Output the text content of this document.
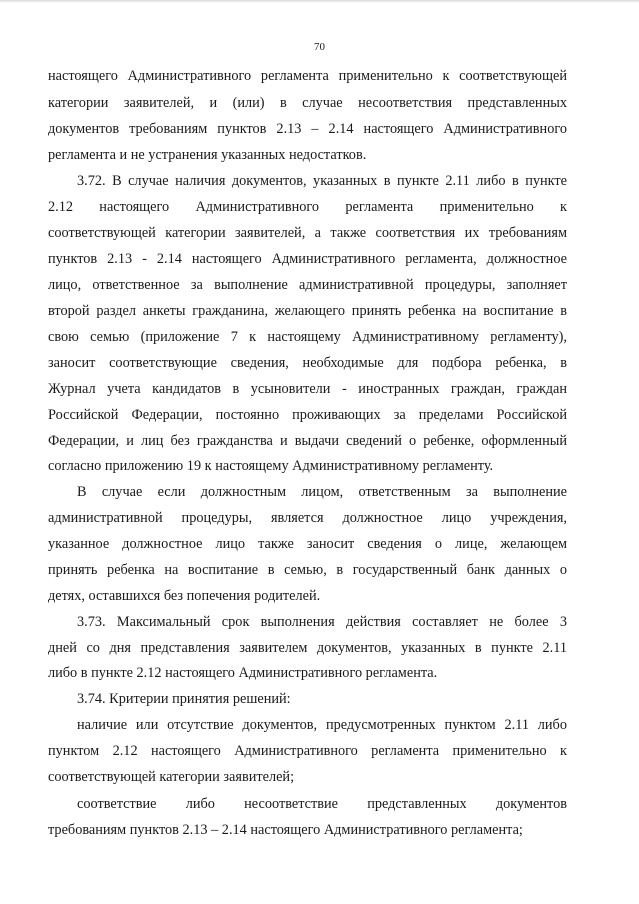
70
настоящего Административного регламента применительно к соответствующей
категории заявителей, и (или) в случае несоответствия представленных
документов требованиям пунктов 2.13 – 2.14 настоящего Административного
регламента и не устранения указанных недостатков.
3.72. В случае наличия документов, указанных в пункте 2.11 либо в пункте
2.12 настоящего Административного регламента применительно к
соответствующей категории заявителей, а также соответствия их требованиям
пунктов 2.13 - 2.14 настоящего Административного регламента, должностное
лицо, ответственное за выполнение административной процедуры, заполняет
второй раздел анкеты гражданина, желающего принять ребенка на воспитание в
свою семью (приложение 7 к настоящему Административному регламенту),
заносит соответствующие сведения, необходимые для подбора ребенка, в
Журнал учета кандидатов в усыновители - иностранных граждан, граждан
Российской Федерации, постоянно проживающих за пределами Российской
Федерации, и лиц без гражданства и выдачи сведений о ребенке, оформленный
согласно приложению 19 к настоящему Административному регламенту.
В случае если должностным лицом, ответственным за выполнение
административной процедуры, является должностное лицо учреждения,
указанное должностное лицо также заносит сведения о лице, желающем
принять ребенка на воспитание в семью, в государственный банк данных о
детях, оставшихся без попечения родителей.
3.73. Максимальный срок выполнения действия составляет не более 3
дней со дня представления заявителем документов, указанных в пункте 2.11
либо в пункте 2.12 настоящего Административного регламента.
3.74. Критерии принятия решений:
наличие или отсутствие документов, предусмотренных пунктом 2.11 либо
пунктом 2.12 настоящего Административного регламента применительно к
соответствующей категории заявителей;
соответствие либо несоответствие представленных документов
требованиям пунктов 2.13 – 2.14 настоящего Административного регламента;
